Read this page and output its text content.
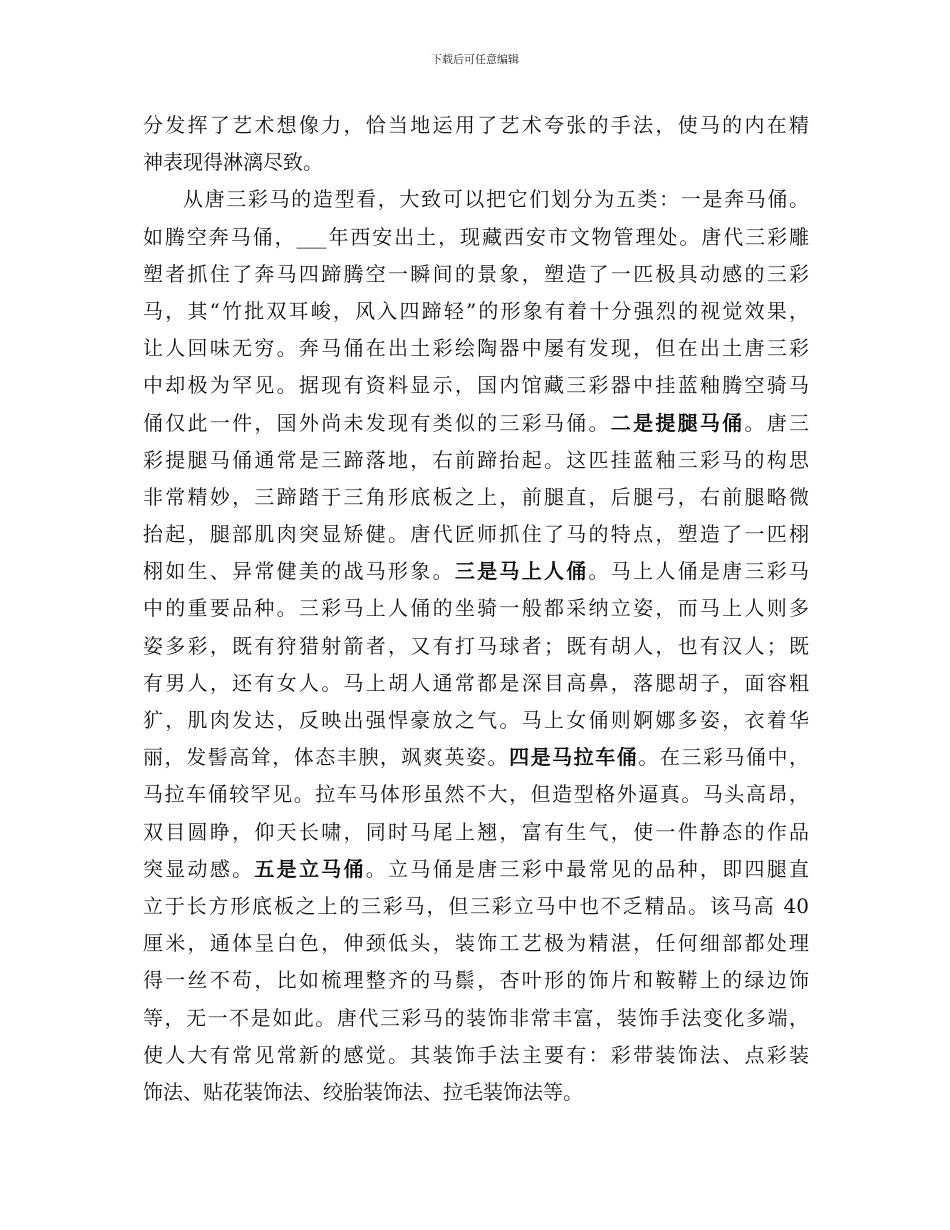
下载后可任意编辑
分发挥了艺术想像力，恰当地运用了艺术夸张的手法，使马的内在精
神表现得淋漓尽致。
从唐三彩马的造型看，大致可以把它们划分为五类：一是奔马俑。
如腾空奔马俑，___年西安出土，现藏西安市文物管理处。唐代三彩雕
塑者抓住了奔马四蹄腾空一瞬间的景象，塑造了一匹极具动感的三彩
马，其“竹批双耳峻，风入四蹄轻”的形象有着十分强烈的视觉效果，
让人回味无穷。奔马俑在出土彩绘陶器中屡有发现，但在出土唐三彩
中却极为罕见。据现有资料显示，国内馆藏三彩器中挂蓝釉腾空骑马
俑仅此一件，国外尚未发现有类似的三彩马俑。二是提腿马俑。唐三
彩提腿马俑通常是三蹄落地，右前蹄抬起。这匹挂蓝釉三彩马的构思
非常精妙，三蹄踏于三角形底板之上，前腿直，后腿弓，右前腿略微
抬起，腿部肌肉突显矫健。唐代匠师抓住了马的特点，塑造了一匹栩
栩如生、异常健美的战马形象。三是马上人俑。马上人俑是唐三彩马
中的重要品种。三彩马上人俑的坐骑一般都采纳立姿，而马上人则多
姿多彩，既有狩猎射箭者，又有打马球者；既有胡人，也有汉人；既
有男人，还有女人。马上胡人通常都是深目高鼻，落腮胡子，面容粗
犷，肌肉发达，反映出强悍豪放之气。马上女俑则婀娜多姿，衣着华
丽，发髻高耸，体态丰腴，飒爽英姿。四是马拉车俑。在三彩马俑中，
马拉车俑较罕见。拉车马体形虽然不大，但造型格外逼真。马头高昂，
双目圆睁，仰天长啸，同时马尾上翘，富有生气，使一件静态的作品
突显动感。五是立马俑。立马俑是唐三彩中最常见的品种，即四腿直
立于长方形底板之上的三彩马，但三彩立马中也不乏精品。该马高 40
厘米，通体呈白色，伸颈低头，装饰工艺极为精湛，任何细部都处理
得一丝不苟，比如梳理整齐的马鬃，杏叶形的饰片和鞍鞯上的绿边饰
等，无一不是如此。唐代三彩马的装饰非常丰富，装饰手法变化多端，
使人大有常见常新的感觉。其装饰手法主要有：彩带装饰法、点彩装
饰法、贴花装饰法、绞胎装饰法、拉毛装饰法等。
